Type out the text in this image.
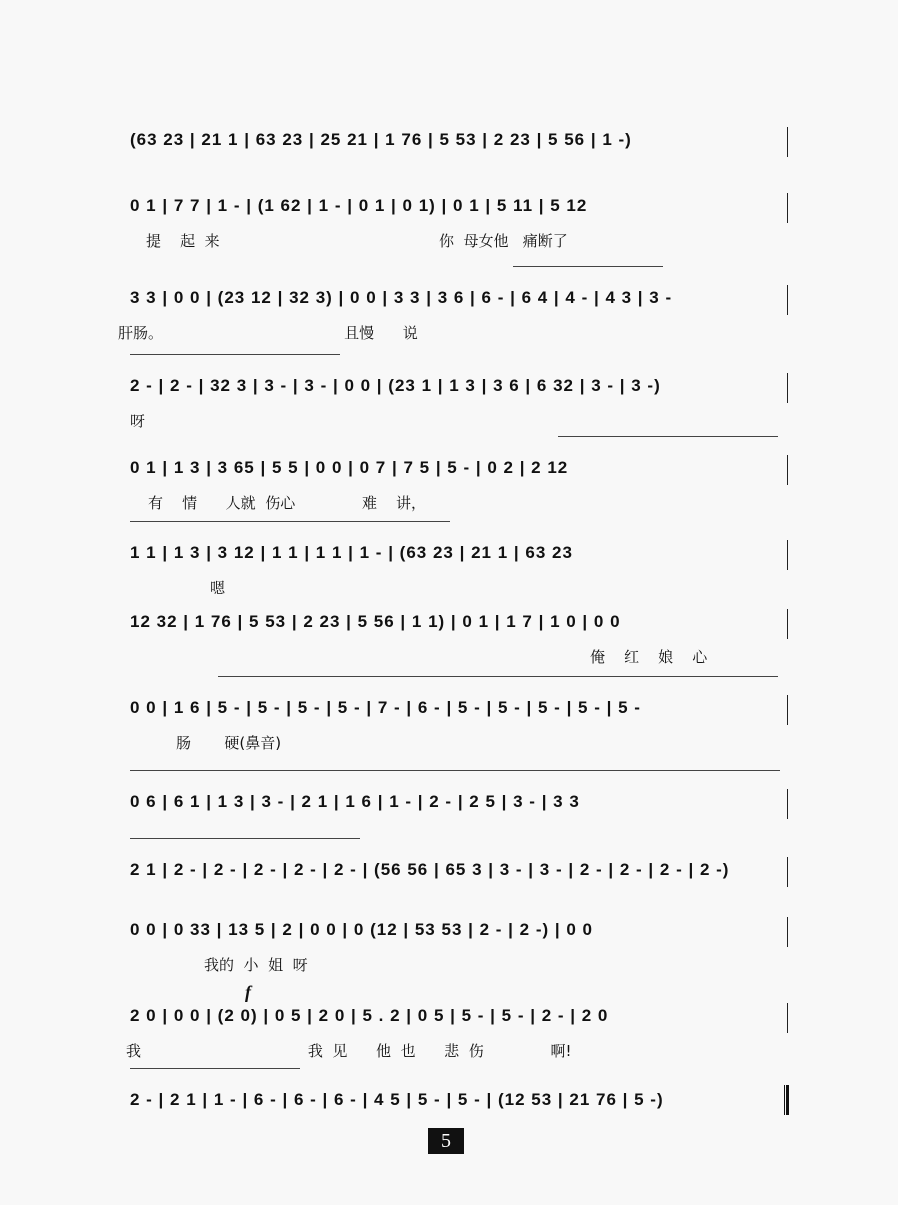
(63 23 | 21 1 | 63 23 | 25 21 | 1 76 | 5 53 | 2 23 | 5 56 | 1 -)
0 1 | 7 7 | 1 - | (1 62 | 1 - | 0 1 | 0 1) | 0 1 | 5 11 | 5 12
提    起  来                                              你  母女他   痛断了
3 3 | 0 0 | (23 12 | 32 3) | 0 0 | 3 3 | 3 6 | 6 - | 6 4 | 4 - | 4 3 | 3 -
肝肠。                                      且慢      说
2 - | 2 - | 32 3 | 3 - | 3 - | 0 0 | (23 1 | 1 3 | 3 6 | 6 32 | 3 - | 3 -)
呀
0 1 | 1 3 | 3 65 | 5 5 | 0 0 | 0 7 | 7 5 | 5 - | 0 2 | 2 12
有    情      人就  伤心              难    讲，
1 1 | 1 3 | 3 12 | 1 1 | 1 1 | 1 - | (63 23 | 21 1 | 63 23
嗯
12 32 | 1 76 | 5 53 | 2 23 | 5 56 | 1 1) | 0 1 | 1 7 | 1 0 | 0 0
俺    红    娘    心
0 0 | 1 6 | 5 - | 5 - | 5 - | 5 - | 7 - | 6 - | 5 - | 5 - | 5 - | 5 - | 5 -
肠       硬(鼻音)
0 6 | 6 1 | 1 3 | 3 - | 2 1 | 1 6 | 1 - | 2 - | 2 5 | 3 - | 3 3
2 1 | 2 - | 2 - | 2 - | 2 - | 2 - | (56 56 | 65 3 | 3 - | 3 - | 2 - | 2 - | 2 - | 2 -)
0 0 | 0 33 | 13 5 | 2 | 0 0 | 0 (12 | 53 53 | 2 - | 2 -) | 0 0
我的  小  姐  呀
f
2 0 | 0 0 | (2 0) | 0 5 | 2 0 | 5 . 2 | 0 5 | 5 - | 5 - | 2 - | 2 0
我                                   我  见      他  也      悲  伤              啊!
2 - | 2 1 | 1 - | 6 - | 6 - | 6 - | 4 5 | 5 - | 5 - | (12 53 | 21 76 | 5 -)
5
